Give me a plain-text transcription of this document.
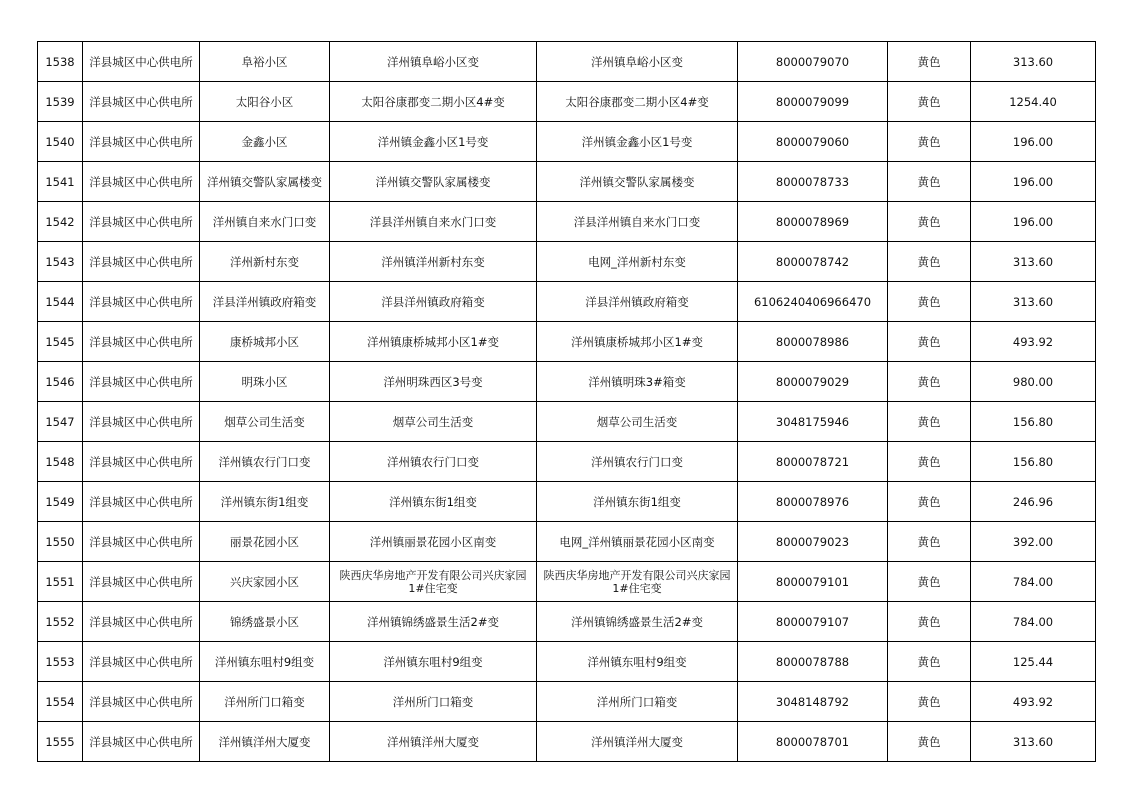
1538	洋县城区中心供电所	阜裕小区	洋州镇阜峪小区变	洋州镇阜峪小区变	8000079070	黄色	313.60
1539	洋县城区中心供电所	太阳谷小区	太阳谷康郡变二期小区4#变	太阳谷康郡变二期小区4#变	8000079099	黄色	1254.40
1540	洋县城区中心供电所	金鑫小区	洋州镇金鑫小区1号变	洋州镇金鑫小区1号变	8000079060	黄色	196.00
1541	洋县城区中心供电所	洋州镇交警队家属楼变	洋州镇交警队家属楼变	洋州镇交警队家属楼变	8000078733	黄色	196.00
1542	洋县城区中心供电所	洋州镇自来水门口变	洋县洋州镇自来水门口变	洋县洋州镇自来水门口变	8000078969	黄色	196.00
1543	洋县城区中心供电所	洋州新村东变	洋州镇洋州新村东变	电网_洋州新村东变	8000078742	黄色	313.60
1544	洋县城区中心供电所	洋县洋州镇政府箱变	洋县洋州镇政府箱变	洋县洋州镇政府箱变	6106240406966470	黄色	313.60
1545	洋县城区中心供电所	康桥城邦小区	洋州镇康桥城邦小区1#变	洋州镇康桥城邦小区1#变	8000078986	黄色	493.92
1546	洋县城区中心供电所	明珠小区	洋州明珠西区3号变	洋州镇明珠3#箱变	8000079029	黄色	980.00
1547	洋县城区中心供电所	烟草公司生活变	烟草公司生活变	烟草公司生活变	3048175946	黄色	156.80
1548	洋县城区中心供电所	洋州镇农行门口变	洋州镇农行门口变	洋州镇农行门口变	8000078721	黄色	156.80
1549	洋县城区中心供电所	洋州镇东街1组变	洋州镇东街1组变	洋州镇东街1组变	8000078976	黄色	246.96
1550	洋县城区中心供电所	丽景花园小区	洋州镇丽景花园小区南变	电网_洋州镇丽景花园小区南变	8000079023	黄色	392.00
1551	洋县城区中心供电所	兴庆家园小区	陕西庆华房地产开发有限公司兴庆家园1#住宅变	陕西庆华房地产开发有限公司兴庆家园1#住宅变	8000079101	黄色	784.00
1552	洋县城区中心供电所	锦绣盛景小区	洋州镇锦绣盛景生活2#变	洋州镇锦绣盛景生活2#变	8000079107	黄色	784.00
1553	洋县城区中心供电所	洋州镇东咀村9组变	洋州镇东咀村9组变	洋州镇东咀村9组变	8000078788	黄色	125.44
1554	洋县城区中心供电所	洋州所门口箱变	洋州所门口箱变	洋州所门口箱变	3048148792	黄色	493.92
1555	洋县城区中心供电所	洋州镇洋州大厦变	洋州镇洋州大厦变	洋州镇洋州大厦变	8000078701	黄色	313.60
